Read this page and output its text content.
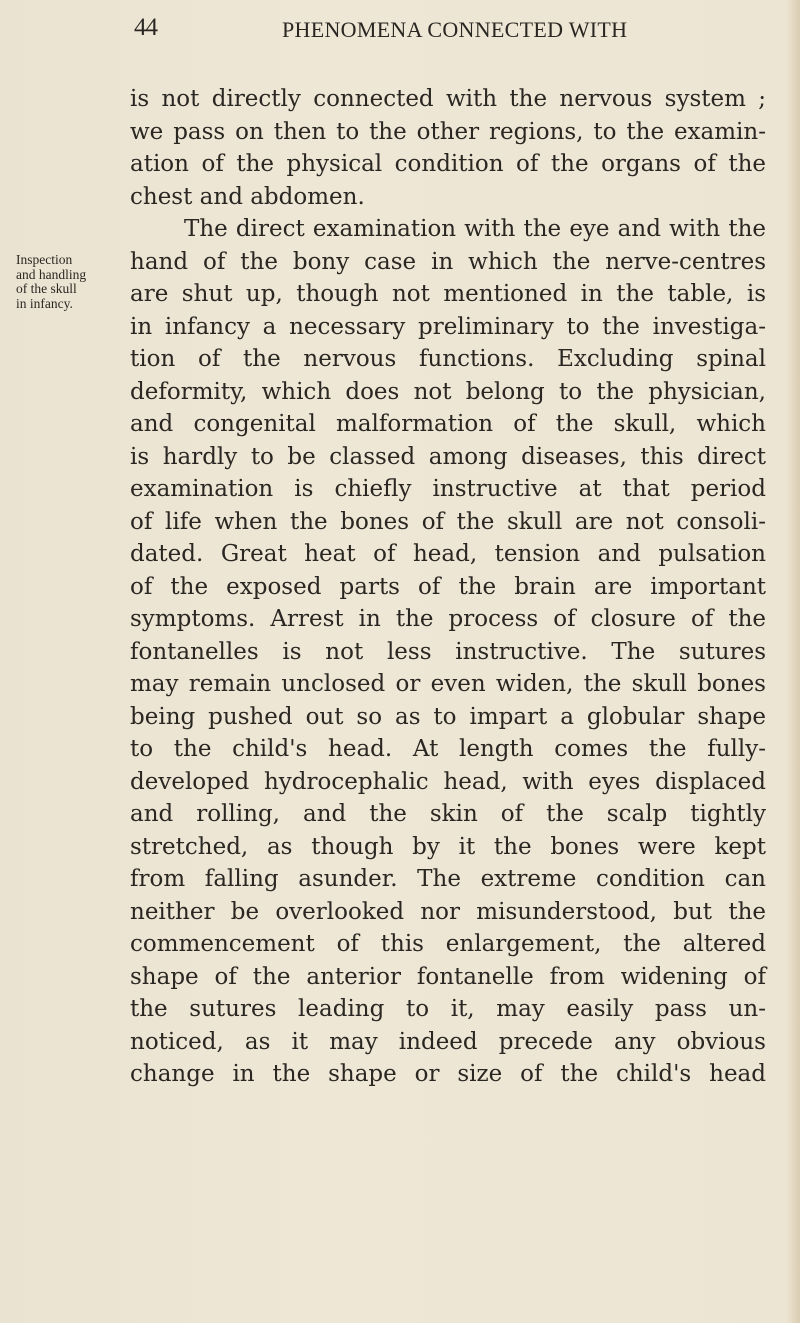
44	PHENOMENA CONNECTED WITH
Inspection
and handling
of the skull
in infancy.
is not directly connected with the nervous system ;
we pass on then to the other regions, to the examin-
ation of the physical condition of the organs of the
chest and abdomen.
The direct examination with the eye and with the
hand of the bony case in which the nerve-centres
are shut up, though not mentioned in the table, is
in infancy a necessary preliminary to the investiga-
tion of the nervous functions. Excluding spinal
deformity, which does not belong to the physician,
and congenital malformation of the skull, which
is hardly to be classed among diseases, this direct
examination is chiefly instructive at that period
of life when the bones of the skull are not consoli-
dated. Great heat of head, tension and pulsation
of the exposed parts of the brain are important
symptoms. Arrest in the process of closure of the
fontanelles is not less instructive. The sutures
may remain unclosed or even widen, the skull bones
being pushed out so as to impart a globular shape
to the child's head. At length comes the fully-
developed hydrocephalic head, with eyes displaced
and rolling, and the skin of the scalp tightly
stretched, as though by it the bones were kept
from falling asunder. The extreme condition can
neither be overlooked nor misunderstood, but the
commencement of this enlargement, the altered
shape of the anterior fontanelle from widening of
the sutures leading to it, may easily pass un-
noticed, as it may indeed precede any obvious
change in the shape or size of the child's head
